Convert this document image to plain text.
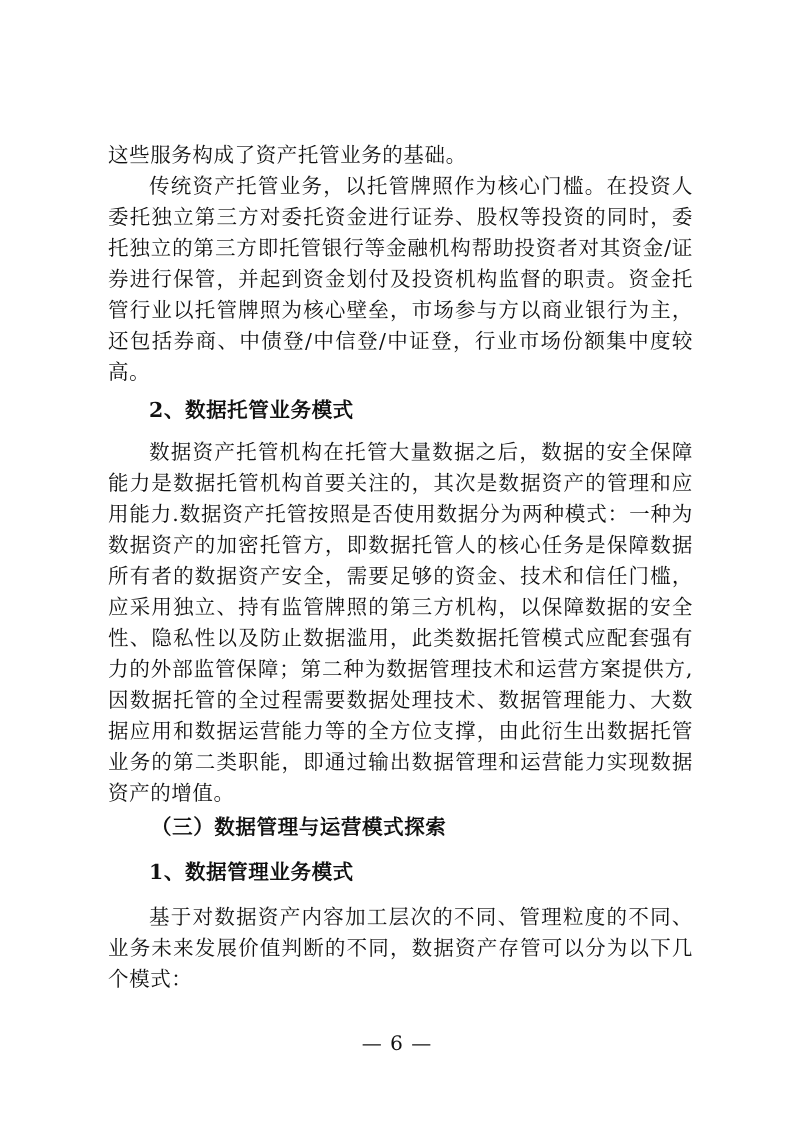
这些服务构成了资产托管业务的基础。

传统资产托管业务，以托管牌照作为核心门槛。在投资人委托独立第三方对委托资金进行证券、股权等投资的同时，委托独立的第三方即托管银行等金融机构帮助投资者对其资金/证券进行保管，并起到资金划付及投资机构监督的职责。资金托管行业以托管牌照为核心壁垒，市场参与方以商业银行为主，还包括券商、中债登/中信登/中证登，行业市场份额集中度较高。

2、数据托管业务模式

数据资产托管机构在托管大量数据之后，数据的安全保障能力是数据托管机构首要关注的，其次是数据资产的管理和应用能力.数据资产托管按照是否使用数据分为两种模式：一种为数据资产的加密托管方，即数据托管人的核心任务是保障数据所有者的数据资产安全，需要足够的资金、技术和信任门槛，应采用独立、持有监管牌照的第三方机构，以保障数据的安全性、隐私性以及防止数据滥用，此类数据托管模式应配套强有力的外部监管保障；第二种为数据管理技术和运营方案提供方,因数据托管的全过程需要数据处理技术、数据管理能力、大数据应用和数据运营能力等的全方位支撑，由此衍生出数据托管业务的第二类职能，即通过输出数据管理和运营能力实现数据资产的增值。

（三）数据管理与运营模式探索

1、数据管理业务模式

基于对数据资产内容加工层次的不同、管理粒度的不同、业务未来发展价值判断的不同，数据资产存管可以分为以下几个模式：

— 6 —
